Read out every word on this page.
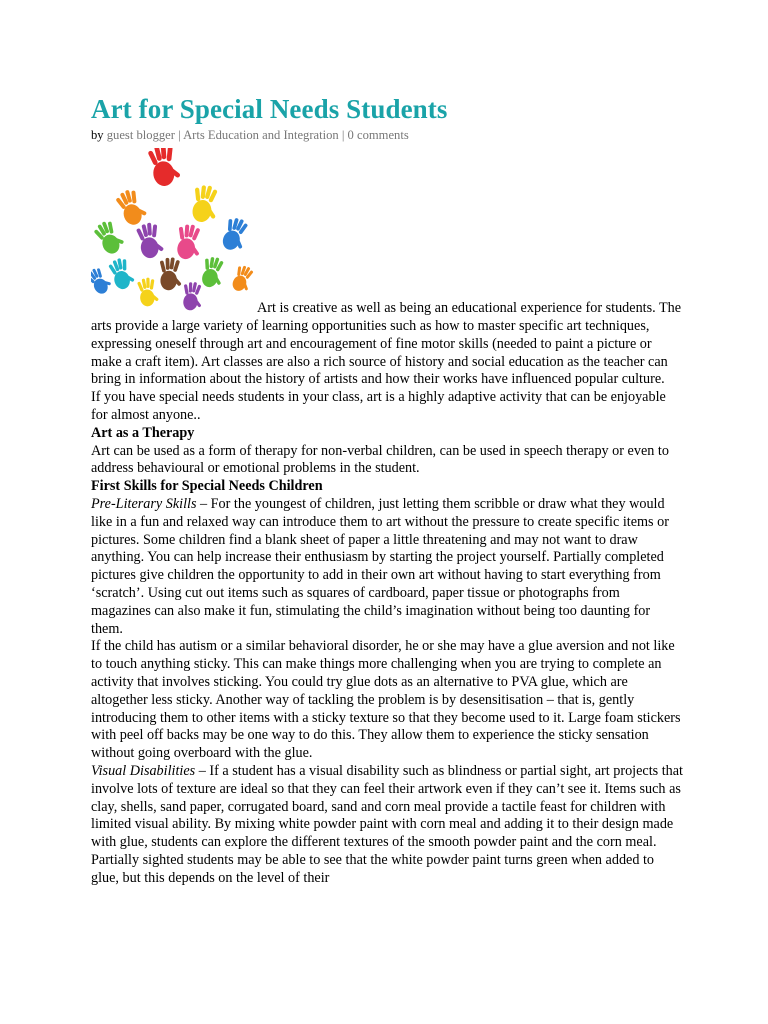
Art for Special Needs Students
by guest blogger | Arts Education and Integration | 0 comments

Art is creative as well as being an educational experience for students. The arts provide a large variety of learning opportunities such as how to master specific art techniques, expressing oneself through art and encouragement of fine motor skills (needed to paint a picture or make a craft item). Art classes are also a rich source of history and social education as the teacher can bring in information about the history of artists and how their works have influenced popular culture.

If you have special needs students in your class, art is a highly adaptive activity that can be enjoyable for almost anyone..

Art as a Therapy

Art can be used as a form of therapy for non-verbal children, can be used in speech therapy or even to address behavioural or emotional problems in the student.

First Skills for Special Needs Children

Pre-Literary Skills – For the youngest of children, just letting them scribble or draw what they would like in a fun and relaxed way can introduce them to art without the pressure to create specific items or pictures. Some children find a blank sheet of paper a little threatening and may not want to draw anything. You can help increase their enthusiasm by starting the project yourself. Partially completed pictures give children the opportunity to add in their own art without having to start everything from ‘scratch’. Using cut out items such as squares of cardboard, paper tissue or photographs from magazines can also make it fun, stimulating the child’s imagination without being too daunting for them.

If the child has autism or a similar behavioral disorder, he or she may have a glue aversion and not like to touch anything sticky. This can make things more challenging when you are trying to complete an activity that involves sticking. You could try glue dots as an alternative to PVA glue, which are altogether less sticky. Another way of tackling the problem is by desensitisation – that is, gently introducing them to other items with a sticky texture so that they become used to it. Large foam stickers with peel off backs may be one way to do this. They allow them to experience the sticky sensation without going overboard with the glue.

Visual Disabilities – If a student has a visual disability such as blindness or partial sight, art projects that involve lots of texture are ideal so that they can feel their artwork even if they can’t see it. Items such as clay, shells, sand paper, corrugated board, sand and corn meal provide a tactile feast for children with limited visual ability. By mixing white powder paint with corn meal and adding it to their design made with glue, students can explore the different textures of the smooth powder paint and the corn meal. Partially sighted students may be able to see that the white powder paint turns green when added to glue, but this depends on the level of their
